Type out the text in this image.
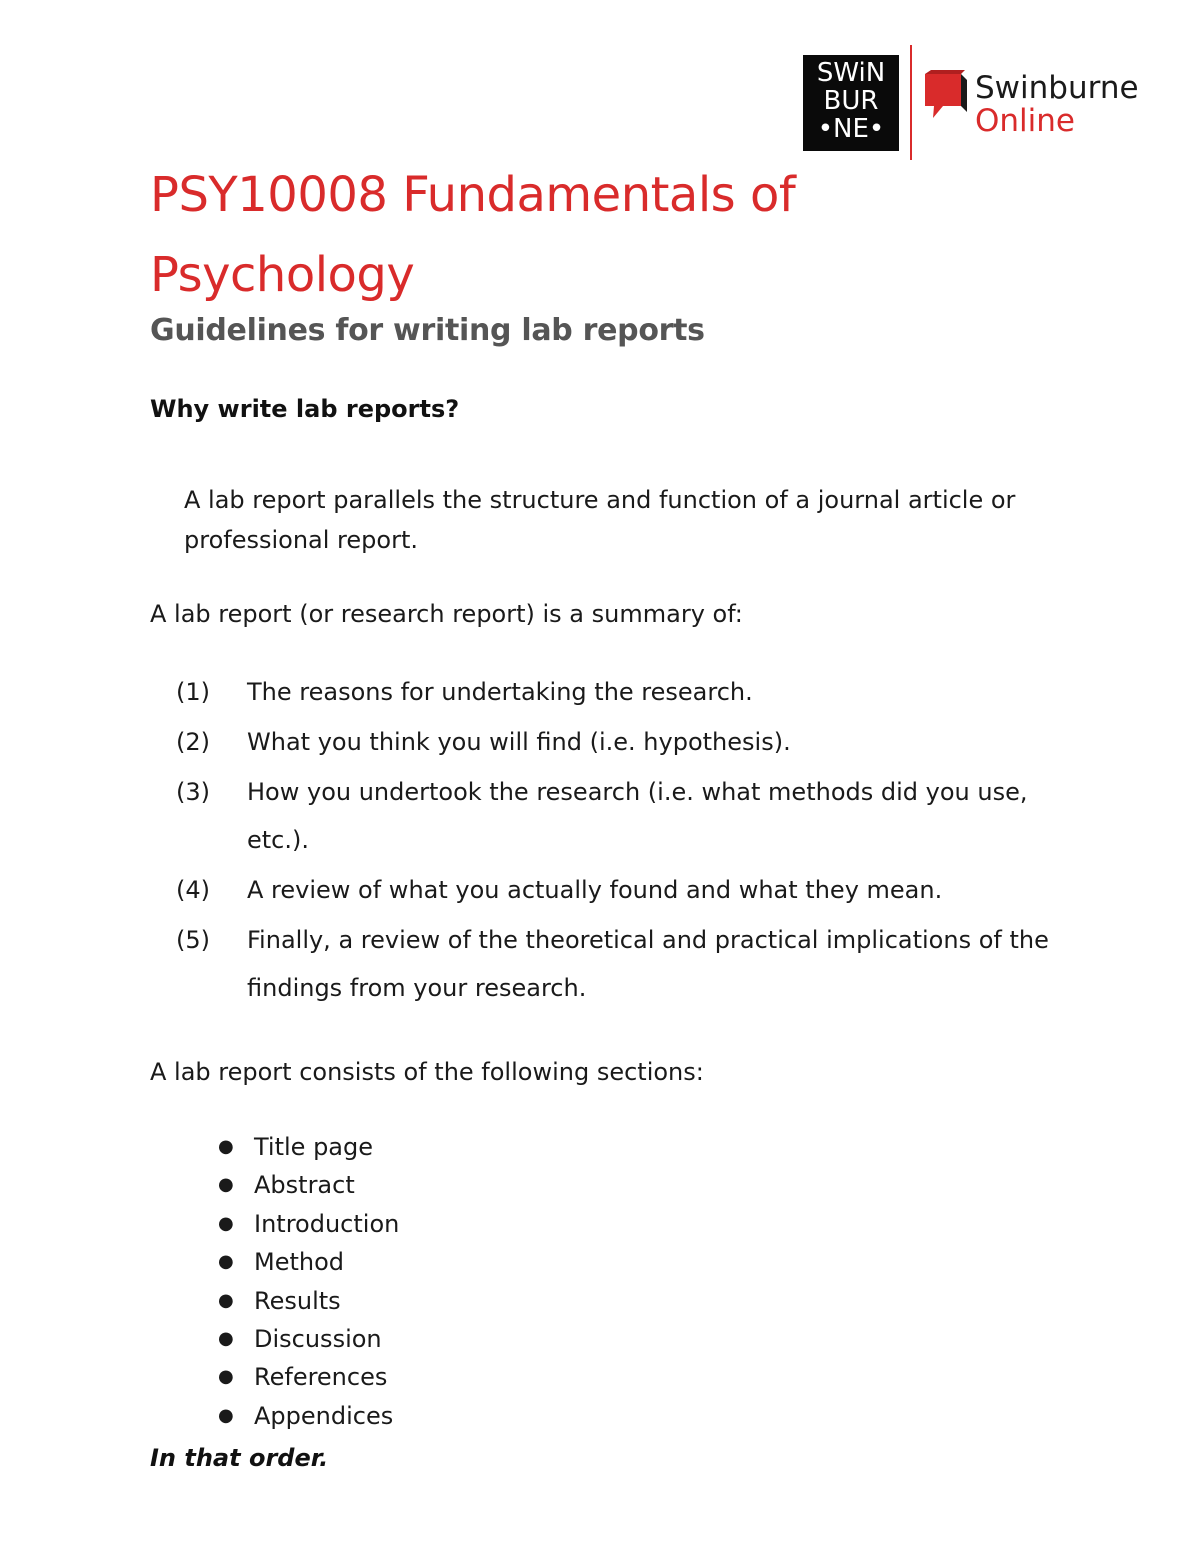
SWiN
BUR
•NE•
Swinburne
Online
PSY10008 Fundamentals of Psychology
Guidelines for writing lab reports
Why write lab reports?

A lab report parallels the structure and function of a journal article or professional report.

A lab report (or research report) is a summary of:

(1)	The reasons for undertaking the research.
(2)	What you think you will find (i.e. hypothesis).
(3)	How you undertook the research (i.e. what methods did you use, etc.).
(4)	A review of what you actually found and what they mean.
(5)	Finally, a review of the theoretical and practical implications of the findings from your research.

A lab report consists of the following sections:

● Title page
● Abstract
● Introduction
● Method
● Results
● Discussion
● References
● Appendices

In that order.
